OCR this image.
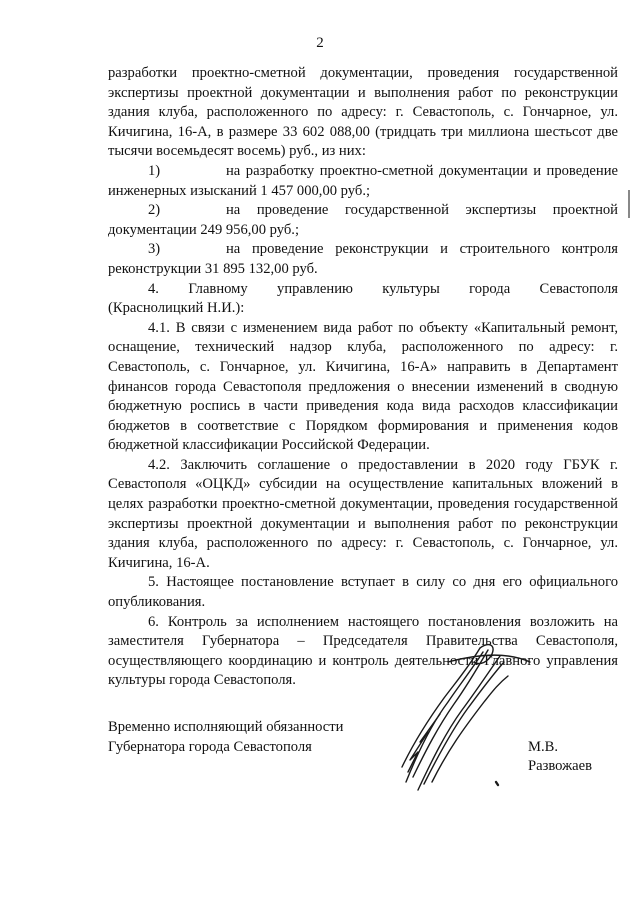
2

разработки проектно-сметной документации, проведения государственной экспертизы проектной документации и выполнения работ по реконструкции здания клуба, расположенного по адресу: г. Севастополь, с. Гончарное, ул. Кичигина, 16-А, в размере 33 602 088,00 (тридцать три миллиона шестьсот две тысячи восемьдесят восемь) руб., из них:

1)	на разработку проектно-сметной документации и проведение

инженерных изысканий 1 457 000,00 руб.;

2)	на проведение государственной экспертизы проектной

документации 249 956,00 руб.;

3)	на проведение реконструкции и строительного контроля

реконструкции 31 895 132,00 руб.

4. Главному управлению культуры города Севастополя

(Краснолицкий Н.И.):

4.1. В связи с изменением вида работ по объекту «Капитальный ремонт, оснащение, технический надзор клуба, расположенного по адресу: г. Севастополь, с. Гончарное, ул. Кичигина, 16-А» направить в Департамент финансов города Севастополя предложения о внесении изменений в сводную бюджетную роспись в части приведения кода вида расходов классификации бюджетов в соответствие с Порядком формирования и применения кодов бюджетной классификации Российской Федерации.

4.2. Заключить соглашение о предоставлении в 2020 году ГБУК г. Севастополя «ОЦКД» субсидии на осуществление капитальных вложений в целях разработки проектно-сметной документации, проведения государственной экспертизы проектной документации и выполнения работ по реконструкции здания клуба, расположенного по адресу: г. Севастополь, с. Гончарное, ул. Кичигина, 16-А.

5. Настоящее постановление вступает в силу со дня его официального опубликования.

6. Контроль за исполнением настоящего постановления возложить на заместителя Губернатора – Председателя Правительства Севастополя, осуществляющего координацию и контроль деятельности Главного управления культуры города Севастополя.

Временно исполняющий обязанности
Губернатора города Севастополя	М.В. Развожаев
